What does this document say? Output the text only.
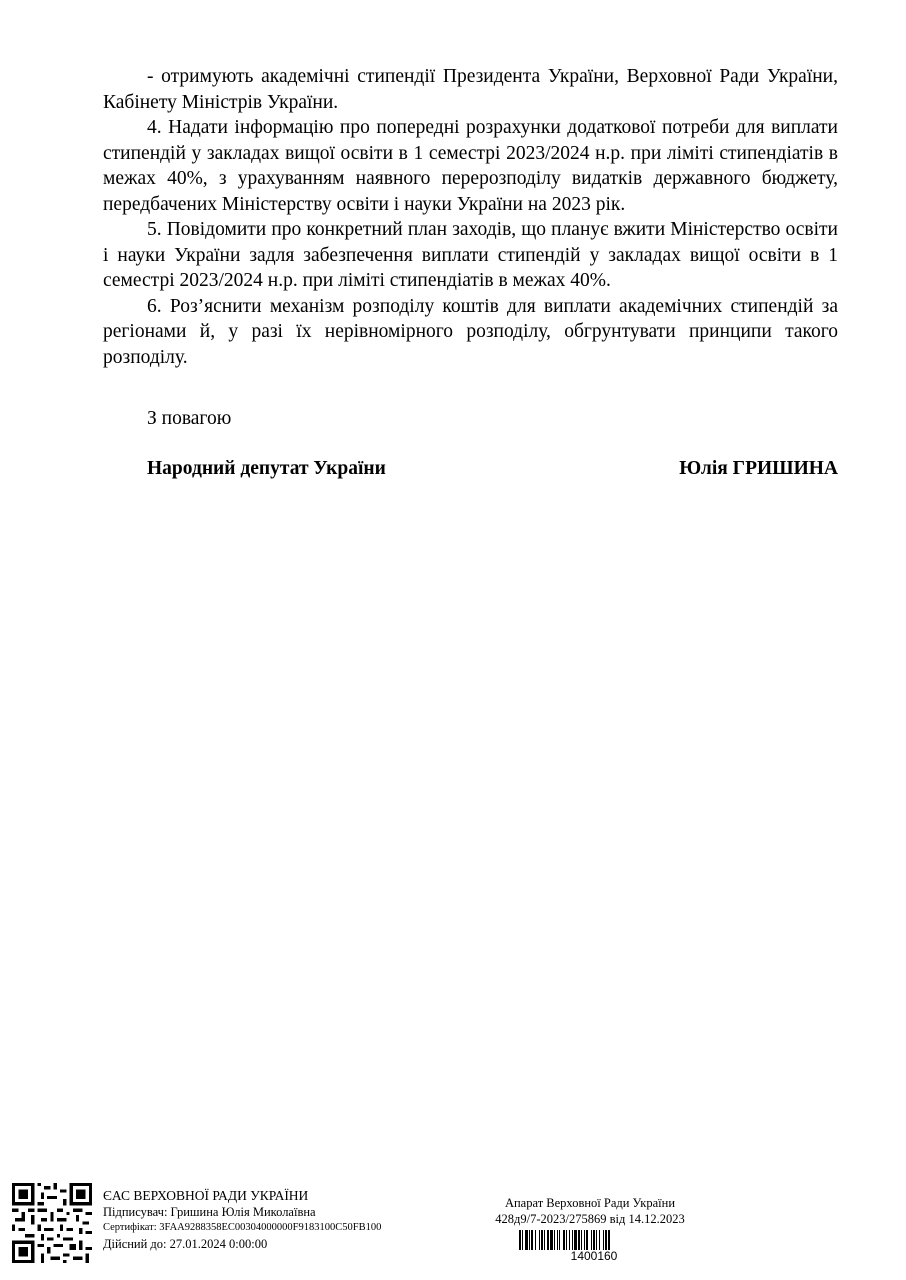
- отримують академічні стипендії Президента України, Верховної Ради України, Кабінету Міністрів України.

4. Надати інформацію про попередні розрахунки додаткової потреби для виплати стипендій у закладах вищої освіти в 1 семестрі 2023/2024 н.р. при ліміті стипендіатів в межах 40%, з урахуванням наявного перерозподілу видатків державного бюджету, передбачених Міністерству освіти і науки України на 2023 рік.

5. Повідомити про конкретний план заходів, що планує вжити Міністерство освіти і науки України задля забезпечення виплати стипендій у закладах вищої освіти в 1 семестрі 2023/2024 н.р. при ліміті стипендіатів в межах 40%.

6. Роз’яснити механізм розподілу коштів для виплати академічних стипендій за регіонами й, у разі їх нерівномірного розподілу, обгрунтувати принципи такого розподілу.

З повагою
Народний депутат України	Юлія ГРИШИНА
ЄАС ВЕРХОВНОЇ РАДИ УКРАЇНИ
Підписувач: Гришина Юлія Миколаївна
Сертифікат: 3FAA9288358EC00304000000F9183100C50FB100
Дійсний до: 27.01.2024 0:00:00
Апарат Верховної Ради України
428д9/7-2023/275869 від 14.12.2023
1400160
